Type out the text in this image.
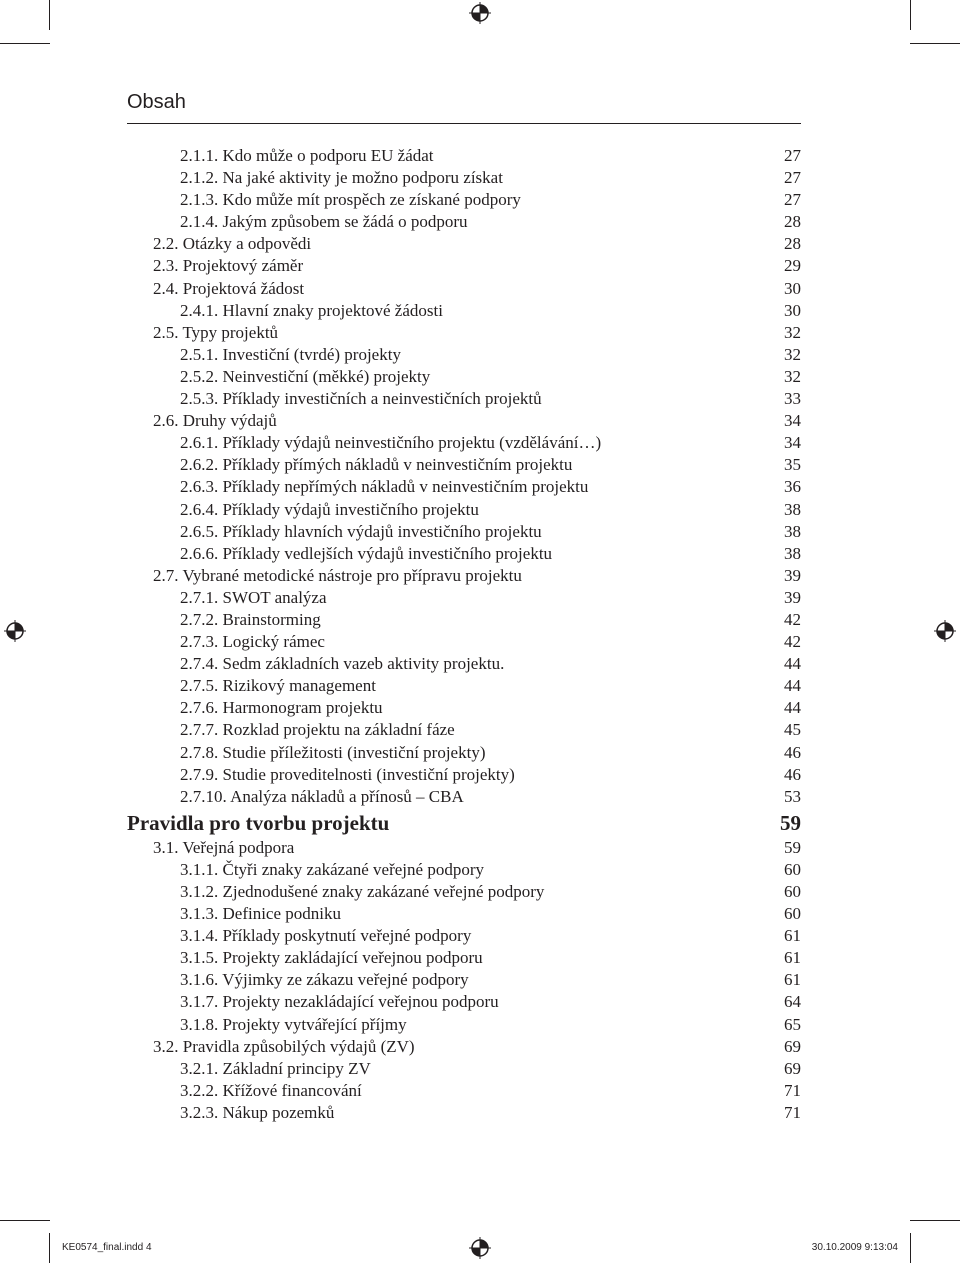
Obsah
2.1.1. Kdo může o podporu EU žádat	27
2.1.2. Na jaké aktivity je možno podporu získat	27
2.1.3. Kdo může mít prospěch ze získané podpory	27
2.1.4. Jakým způsobem se žádá o podporu	28
2.2. Otázky a odpovědi	28
2.3. Projektový záměr	29
2.4. Projektová žádost	30
2.4.1. Hlavní znaky projektové žádosti	30
2.5. Typy projektů	32
2.5.1. Investiční (tvrdé) projekty	32
2.5.2. Neinvestiční (měkké) projekty	32
2.5.3. Příklady investičních a neinvestičních projektů	33
2.6. Druhy výdajů	34
2.6.1. Příklady výdajů neinvestičního projektu (vzdělávání…)	34
2.6.2. Příklady přímých nákladů v neinvestičním projektu	35
2.6.3. Příklady nepřímých nákladů v neinvestičním projektu	36
2.6.4. Příklady výdajů investičního projektu	38
2.6.5. Příklady hlavních výdajů investičního projektu	38
2.6.6. Příklady vedlejších výdajů investičního projektu	38
2.7. Vybrané metodické nástroje pro přípravu projektu	39
2.7.1. SWOT analýza	39
2.7.2. Brainstorming	42
2.7.3. Logický rámec	42
2.7.4. Sedm základních vazeb aktivity projektu.	44
2.7.5. Rizikový management	44
2.7.6. Harmonogram projektu	44
2.7.7. Rozklad projektu na základní fáze	45
2.7.8. Studie příležitosti (investiční projekty)	46
2.7.9. Studie proveditelnosti (investiční projekty)	46
2.7.10. Analýza nákladů a přínosů – CBA	53
Pravidla pro tvorbu projektu	59
3.1. Veřejná podpora	59
3.1.1. Čtyři znaky zakázané veřejné podpory	60
3.1.2. Zjednodušené znaky zakázané veřejné podpory	60
3.1.3. Definice podniku	60
3.1.4. Příklady poskytnutí veřejné podpory	61
3.1.5. Projekty zakládající veřejnou podporu	61
3.1.6. Výjimky ze zákazu veřejné podpory	61
3.1.7. Projekty nezakládající veřejnou podporu	64
3.1.8. Projekty vytvářející příjmy	65
3.2. Pravidla způsobilých výdajů (ZV)	69
3.2.1. Základní principy ZV	69
3.2.2. Křížové financování	71
3.2.3. Nákup pozemků	71
KE0574_final.indd 4	30.10.2009 9:13:04
